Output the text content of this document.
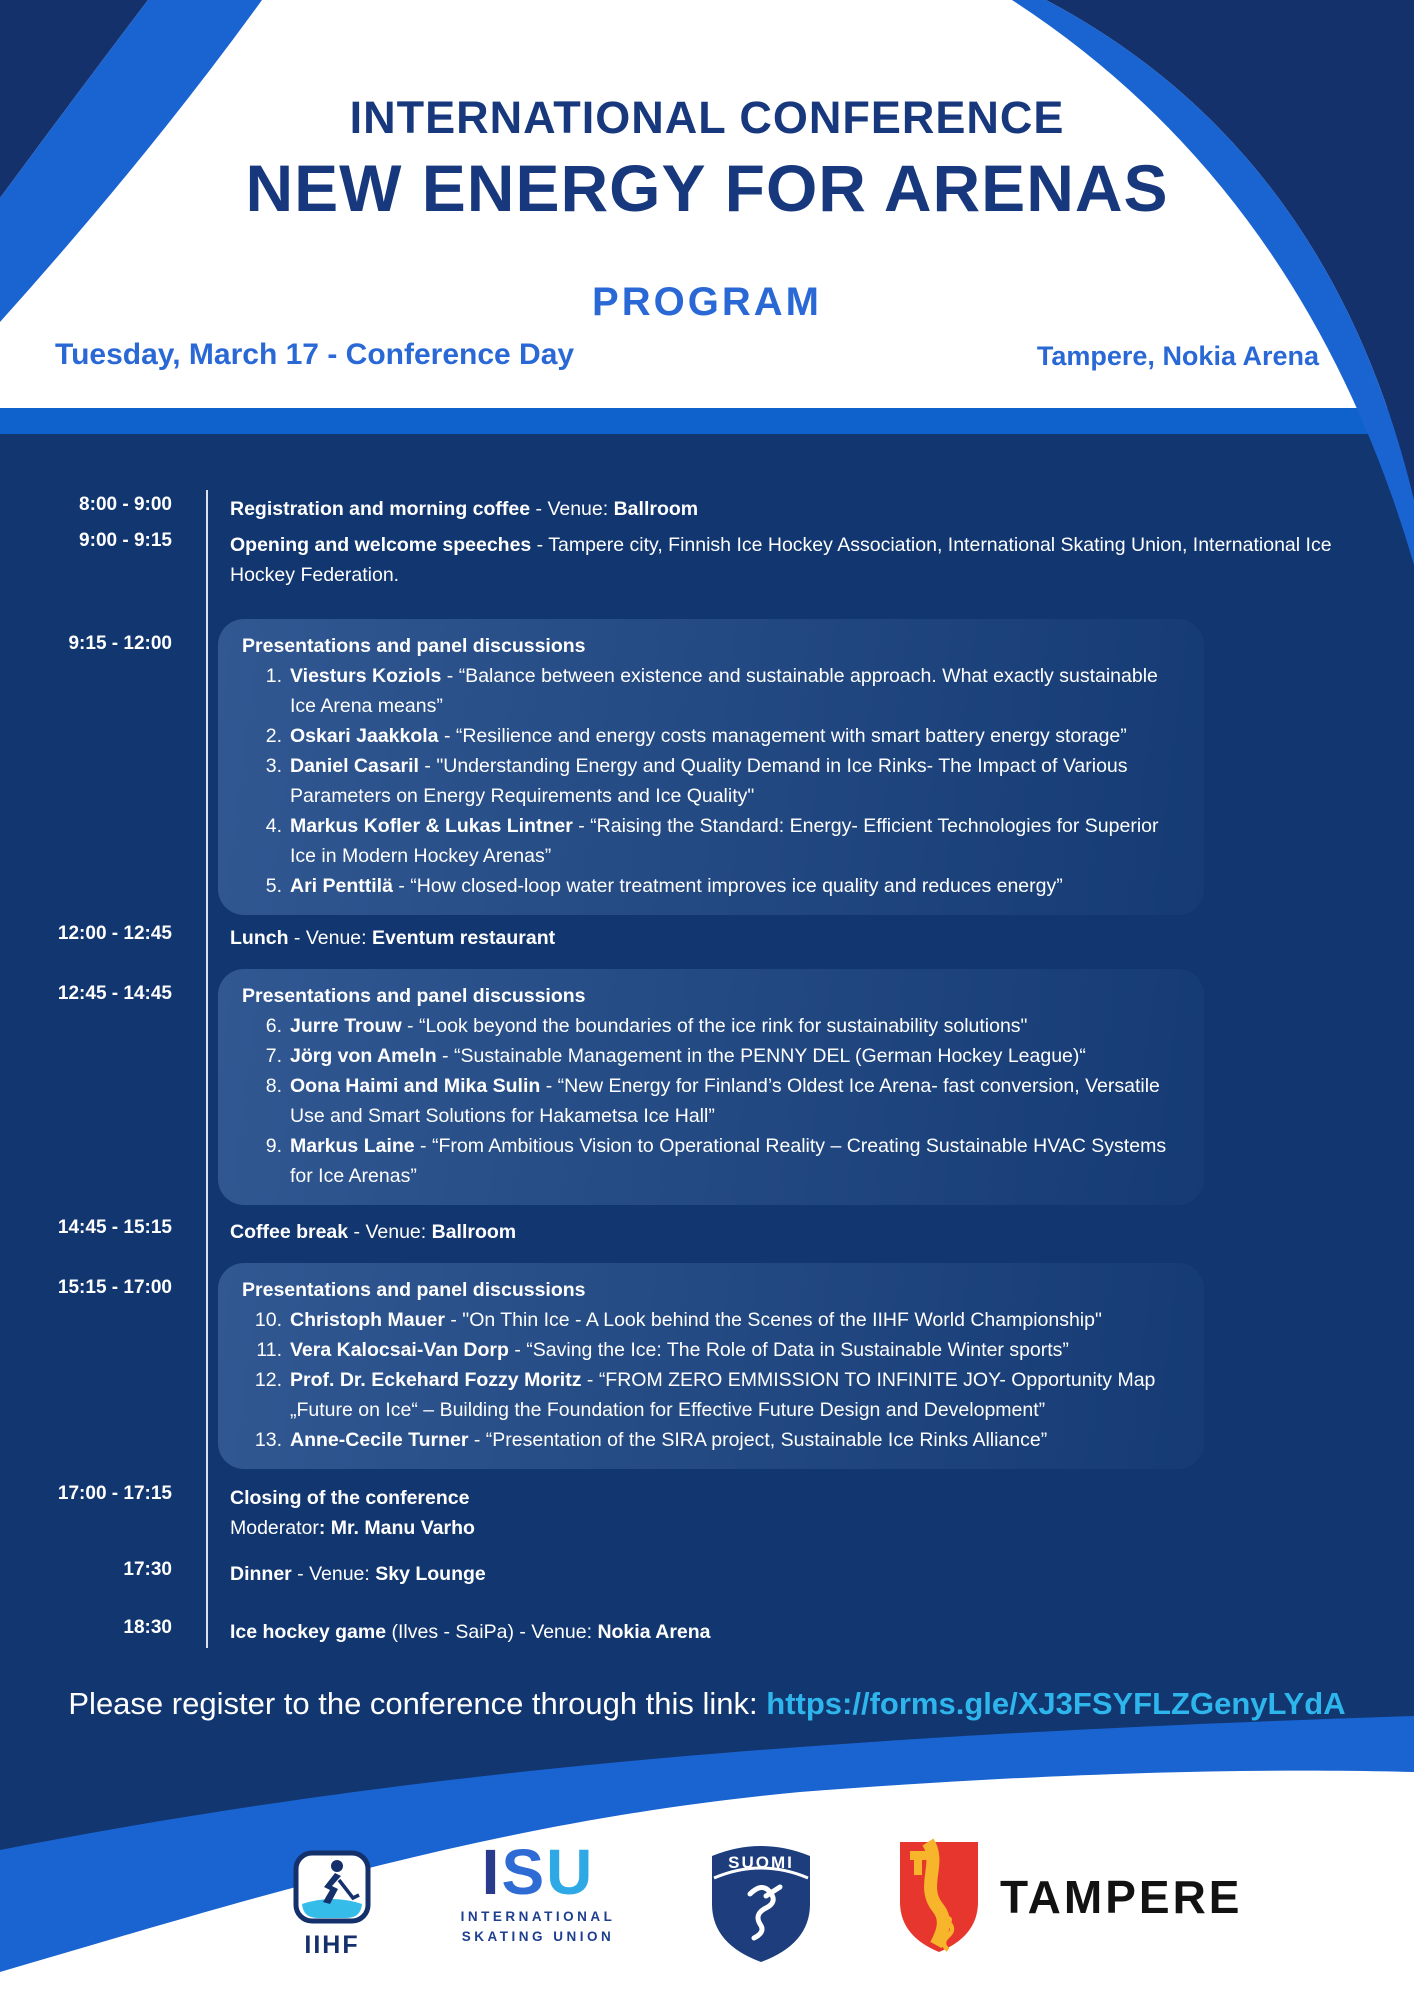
INTERNATIONAL CONFERENCE
NEW ENERGY FOR ARENAS
PROGRAM
Tuesday, March 17 - Conference Day	Tampere, Nokia Arena
8:00 - 9:00	Registration and morning coffee - Venue: Ballroom
9:00 - 9:15	Opening and welcome speeches - Tampere city, Finnish Ice Hockey Association, International Skating Union, International Ice Hockey Federation.
9:15 - 12:00	Presentations and panel discussions
1. Viesturs Koziols - “Balance between existence and sustainable approach. What exactly sustainable Ice Arena means”
2. Oskari Jaakkola - “Resilience and energy costs management with smart battery energy storage”
3. Daniel Casaril - "Understanding Energy and Quality Demand in Ice Rinks- The Impact of Various Parameters on Energy Requirements and Ice Quality"
4. Markus Kofler & Lukas Lintner - “Raising the Standard: Energy- Efficient Technologies for Superior Ice in Modern Hockey Arenas”
5. Ari Penttilä - “How closed-loop water treatment improves ice quality and reduces energy”
12:00 - 12:45	Lunch - Venue: Eventum restaurant
12:45 - 14:45	Presentations and panel discussions
6. Jurre Trouw - “Look beyond the boundaries of the ice rink for sustainability solutions"
7. Jörg von Ameln - “Sustainable Management in the PENNY DEL (German Hockey League)“
8. Oona Haimi and Mika Sulin - “New Energy for Finland’s Oldest Ice Arena- fast conversion, Versatile Use and Smart Solutions for Hakametsa Ice Hall”
9. Markus Laine - “From Ambitious Vision to Operational Reality – Creating Sustainable HVAC Systems for Ice Arenas”
14:45 - 15:15	Coffee break - Venue: Ballroom
15:15 - 17:00	Presentations and panel discussions
10. Christoph Mauer - "On Thin Ice - A Look behind the Scenes of the IIHF World Championship"
11. Vera Kalocsai-Van Dorp - “Saving the Ice: The Role of Data in Sustainable Winter sports”
12. Prof. Dr. Eckehard Fozzy Moritz - “FROM ZERO EMMISSION TO INFINITE JOY- Opportunity Map „Future on Ice“ – Building the Foundation for Effective Future Design and Development”
13. Anne-Cecile Turner - “Presentation of the SIRA project, Sustainable Ice Rinks Alliance”
17:00 - 17:15	Closing of the conference
Moderator: Mr. Manu Varho
17:30	Dinner - Venue: Sky Lounge
18:30	Ice hockey game (Ilves - SaiPa) - Venue: Nokia Arena
Please register to the conference through this link: https://forms.gle/XJ3FSYFLZGenyLYdA
IIHF
ISU
INTERNATIONAL
SKATING UNION
SUOMI
TAMPERE
